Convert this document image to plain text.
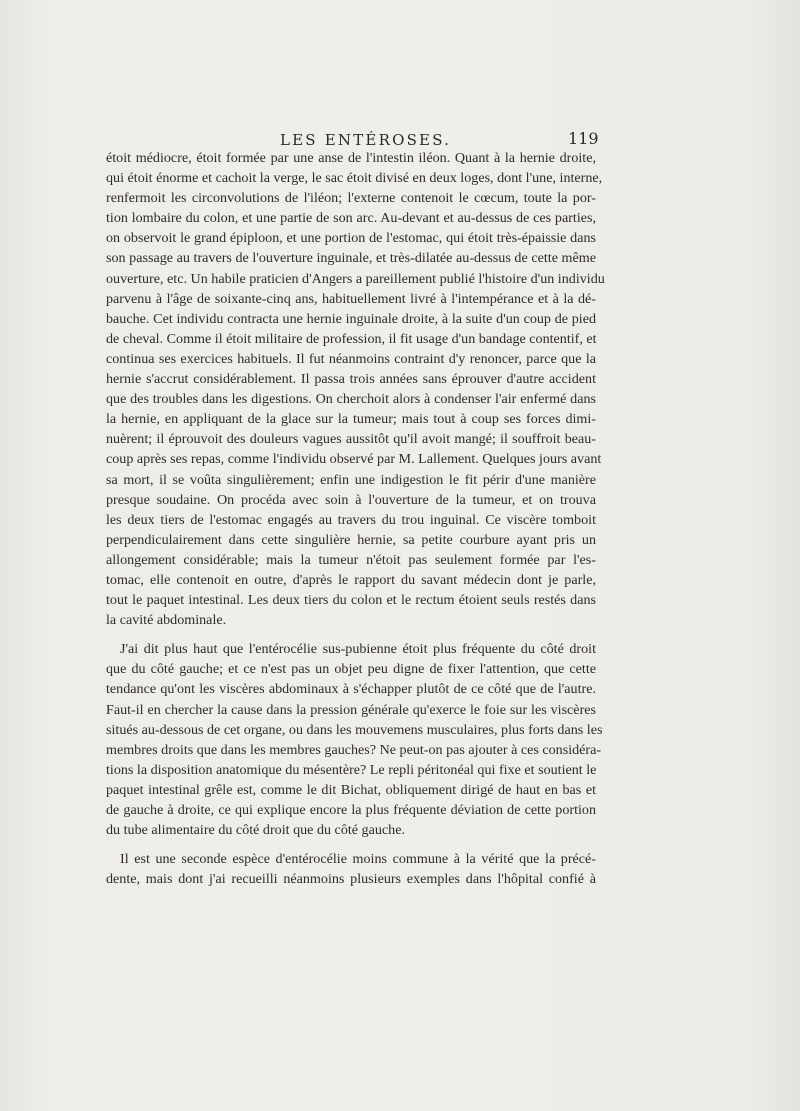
LES ENTÉROSES.	119

étoit médiocre, étoit formée par une anse de l'intestin iléon. Quant à la hernie droite,

qui étoit énorme et cachoit la verge, le sac étoit divisé en deux loges, dont l'une, interne,

renfermoit les circonvolutions de l'iléon; l'externe contenoit le cœcum, toute la por-

tion lombaire du colon, et une partie de son arc. Au-devant et au-dessus de ces parties,

on observoit le grand épiploon, et une portion de l'estomac, qui étoit très-épaissie dans

son passage au travers de l'ouverture inguinale, et très-dilatée au-dessus de cette même

ouverture, etc. Un habile praticien d'Angers a pareillement publié l'histoire d'un individu

parvenu à l'âge de soixante-cinq ans, habituellement livré à l'intempérance et à la dé-

bauche. Cet individu contracta une hernie inguinale droite, à la suite d'un coup de pied

de cheval. Comme il étoit militaire de profession, il fit usage d'un bandage contentif, et

continua ses exercices habituels. Il fut néanmoins contraint d'y renoncer, parce que la

hernie s'accrut considérablement. Il passa trois années sans éprouver d'autre accident

que des troubles dans les digestions. On cherchoit alors à condenser l'air enfermé dans

la hernie, en appliquant de la glace sur la tumeur; mais tout à coup ses forces dimi-

nuèrent; il éprouvoit des douleurs vagues aussitôt qu'il avoit mangé; il souffroit beau-

coup après ses repas, comme l'individu observé par M. Lallement. Quelques jours avant

sa mort, il se voûta singulièrement; enfin une indigestion le fit périr d'une manière

presque soudaine. On procéda avec soin à l'ouverture de la tumeur, et on trouva

les deux tiers de l'estomac engagés au travers du trou inguinal. Ce viscère tomboit

perpendiculairement dans cette singulière hernie, sa petite courbure ayant pris un

allongement considérable; mais la tumeur n'étoit pas seulement formée par l'es-

tomac, elle contenoit en outre, d'après le rapport du savant médecin dont je parle,

tout le paquet intestinal. Les deux tiers du colon et le rectum étoient seuls restés dans

la cavité abdominale.

J'ai dit plus haut que l'entérocélie sus-pubienne étoit plus fréquente du côté droit

que du côté gauche; et ce n'est pas un objet peu digne de fixer l'attention, que cette

tendance qu'ont les viscères abdominaux à s'échapper plutôt de ce côté que de l'autre.

Faut-il en chercher la cause dans la pression générale qu'exerce le foie sur les viscères

situés au-dessous de cet organe, ou dans les mouvemens musculaires, plus forts dans les

membres droits que dans les membres gauches? Ne peut-on pas ajouter à ces considéra-

tions la disposition anatomique du mésentère? Le repli péritonéal qui fixe et soutient le

paquet intestinal grêle est, comme le dit Bichat, obliquement dirigé de haut en bas et

de gauche à droite, ce qui explique encore la plus fréquente déviation de cette portion

du tube alimentaire du côté droit que du côté gauche.

Il est une seconde espèce d'entérocélie moins commune à la vérité que la précé-

dente, mais dont j'ai recueilli néanmoins plusieurs exemples dans l'hôpital confié à
